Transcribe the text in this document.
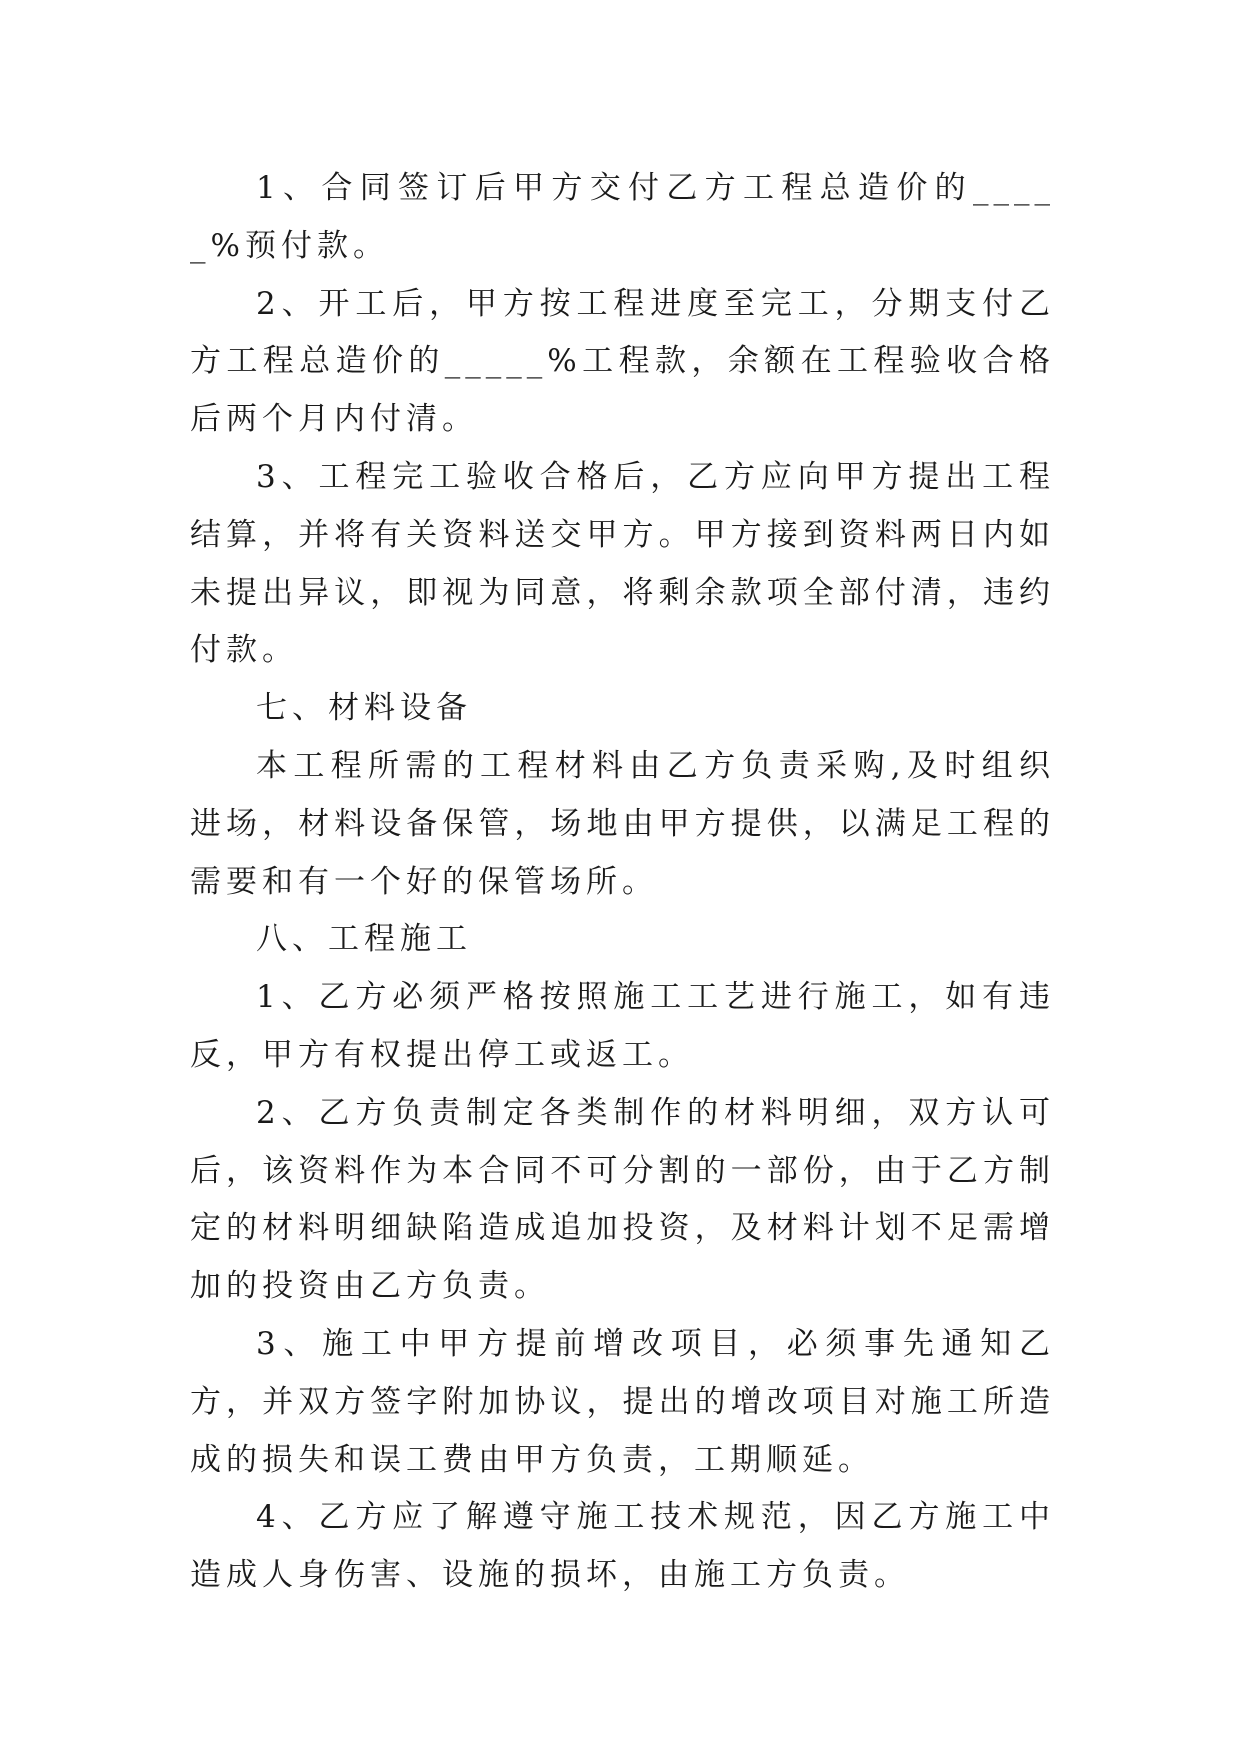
1、合同签订后甲方交付乙方工程总造价的_____%预付款。

2、开工后，甲方按工程进度至完工，分期支付乙方工程总造价的_____%工程款，余额在工程验收合格后两个月内付清。

3、工程完工验收合格后，乙方应向甲方提出工程结算，并将有关资料送交甲方。甲方接到资料两日内如未提出异议，即视为同意，将剩余款项全部付清，违约付款。

七、材料设备

本工程所需的工程材料由乙方负责采购,及时组织进场，材料设备保管，场地由甲方提供，以满足工程的需要和有一个好的保管场所。

八、工程施工

1、乙方必须严格按照施工工艺进行施工，如有违反，甲方有权提出停工或返工。

2、乙方负责制定各类制作的材料明细，双方认可后，该资料作为本合同不可分割的一部份，由于乙方制定的材料明细缺陷造成追加投资，及材料计划不足需增加的投资由乙方负责。

3、施工中甲方提前增改项目，必须事先通知乙方，并双方签字附加协议，提出的增改项目对施工所造成的损失和误工费由甲方负责，工期顺延。

4、乙方应了解遵守施工技术规范，因乙方施工中造成人身伤害、设施的损坏，由施工方负责。
